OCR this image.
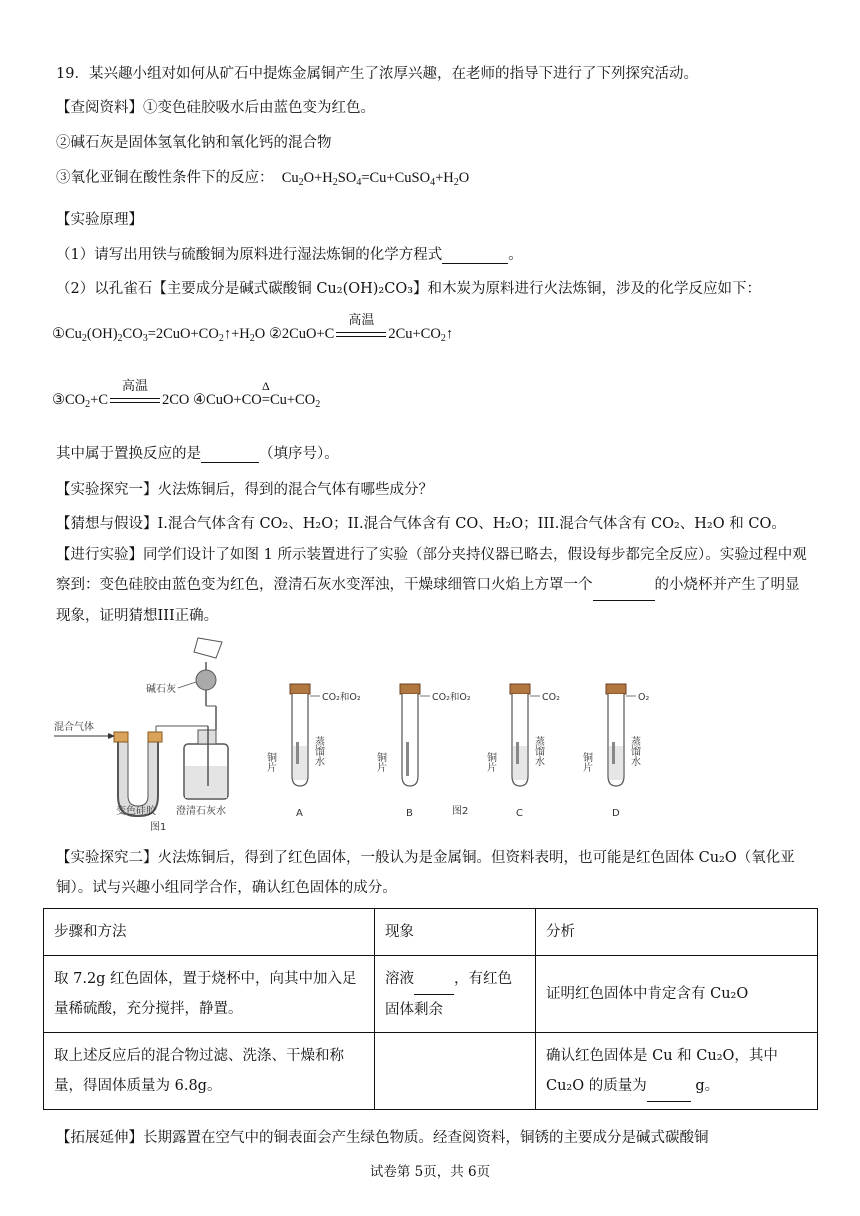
19．某兴趣小组对如何从矿石中提炼金属铜产生了浓厚兴趣，在老师的指导下进行了下列探究活动。
【查阅资料】①变色硅胶吸水后由蓝色变为红色。
②碱石灰是固体氢氧化钠和氧化钙的混合物
③氧化亚铜在酸性条件下的反应：  $Cu_2O+H_2SO_4=Cu+CuSO_4+H_2O$
【实验原理】
（1）请写出用铁与硫酸铜为原料进行湿法炼铜的化学方程式	。
（2）以孔雀石【主要成分是碱式碳酸铜 Cu₂(OH)₂CO₃】和木炭为原料进行火法炼铜，涉及的化学反应如下：
$①Cu_2(OH)_2CO_3=2CuO+CO_2↑+H_2O$ ②2CuO+C
高温
$2Cu+CO_2↑$
$③CO_2+C$
高温
2CO ④CuO+CO
Δ
$=Cu+CO_2$
其中属于置换反应的是	（填序号）。
【实验探究一】火法炼铜后，得到的混合气体有哪些成分？
【猜想与假设】I.混合气体含有 CO₂、H₂O；II.混合气体含有 CO、H₂O；III.混合气体含有 CO₂、H₂O 和 CO。
【进行实验】同学们设计了如图 1 所示装置进行了实验（部分夹持仪器已略去，假设每步都完全反应）。实验过程中观察到：变色硅胶由蓝色变为红色，澄清石灰水变浑浊，干燥球细管口火焰上方罩一个	的小烧杯并产生了明显现象，证明猜想III正确。
混合气体
变色硅胶 澄清石灰水
碱石灰
图1
CO₂和O₂
铜片	蒸馏水
A
CO₂和O₂
铜片
B
CO₂
铜片	蒸馏水
C
O₂
铜片	蒸馏水
D
图2
【实验探究二】火法炼铜后，得到了红色固体，一般认为是金属铜。但资料表明，也可能是红色固体 Cu₂O（氧化亚铜）。试与兴趣小组同学合作，确认红色固体的成分。
步骤和方法	现象	分析
取 7.2g 红色固体，置于烧杯中，向其中加入足量稀硫酸，充分搅拌，静置。	溶液 ，有红色固体剩余	证明红色固体中肯定含有 Cu₂O
取上述反应后的混合物过滤、洗涤、干燥和称量，得固体质量为 6.8g。		确认红色固体是 Cu 和 Cu₂O，其中 Cu₂O 的质量为 g。
【拓展延伸】长期露置在空气中的铜表面会产生绿色物质。经查阅资料，铜锈的主要成分是碱式碳酸铜
试卷第 5页，共 6页
